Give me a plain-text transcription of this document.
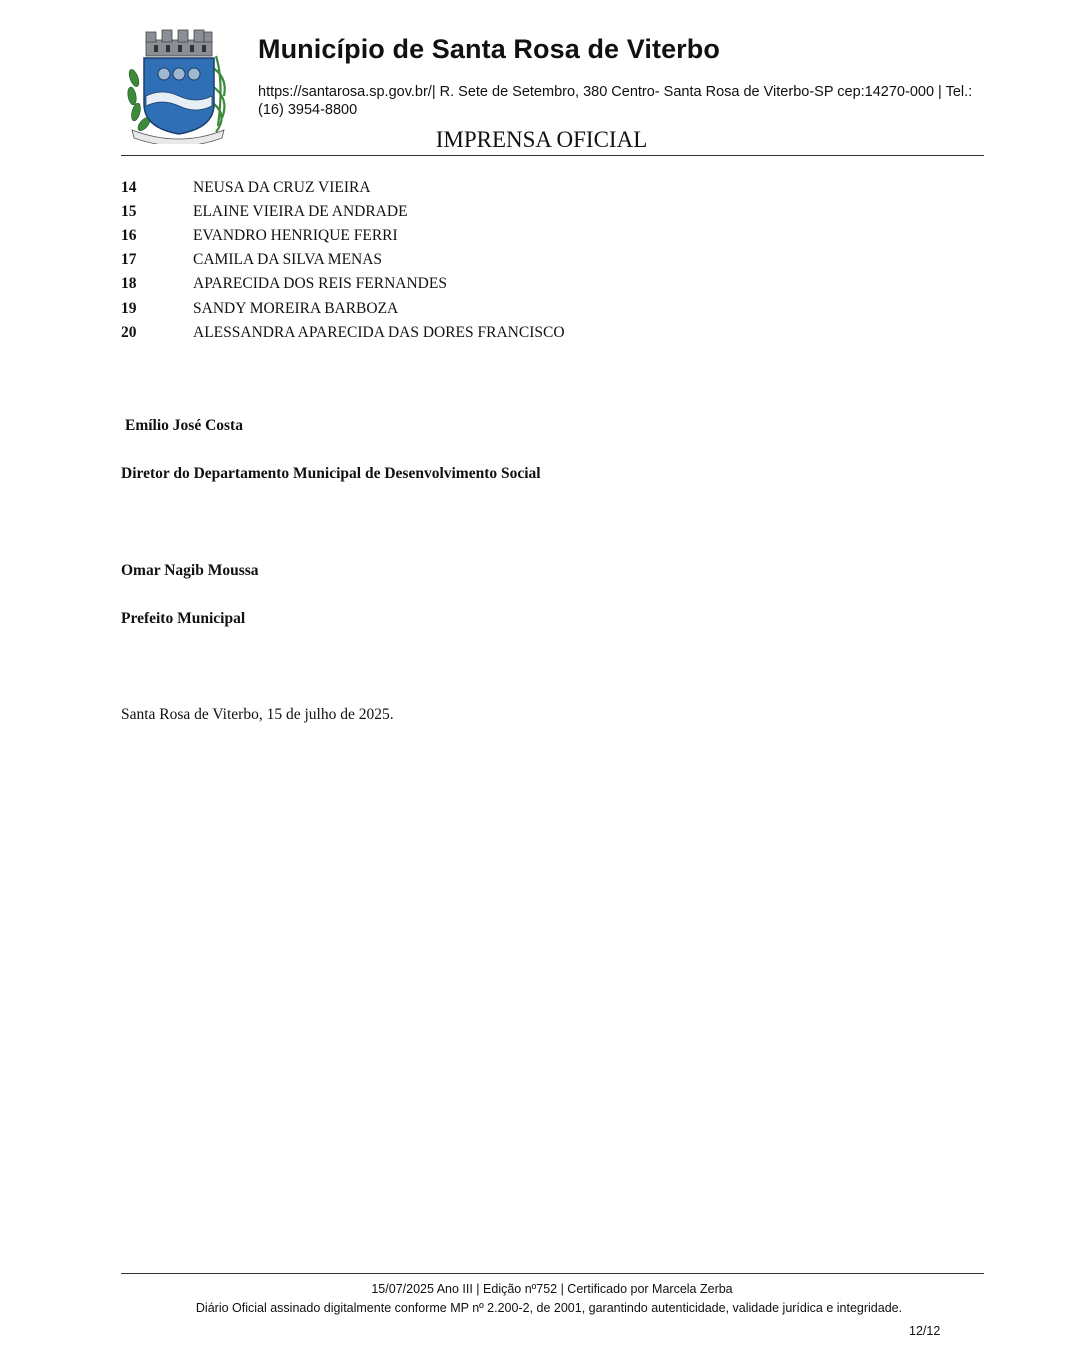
Município de Santa Rosa de Viterbo
https://santarosa.sp.gov.br/| R. Sete de Setembro, 380 Centro- Santa Rosa de Viterbo-SP cep:14270-000 | Tel.: (16) 3954-8800
IMPRENSA OFICIAL
14	NEUSA DA CRUZ VIEIRA
15	ELAINE VIEIRA DE ANDRADE
16	EVANDRO HENRIQUE FERRI
17	CAMILA DA SILVA MENAS
18	APARECIDA DOS REIS FERNANDES
19	SANDY MOREIRA BARBOZA
20	ALESSANDRA APARECIDA DAS DORES FRANCISCO
Emílio José Costa
Diretor do Departamento Municipal de Desenvolvimento Social
Omar Nagib Moussa
Prefeito Municipal
Santa Rosa de Viterbo, 15 de julho de 2025.
15/07/2025 Ano III | Edição nº752 | Certificado por Marcela Zerba
Diário Oficial assinado digitalmente conforme MP nº 2.200-2, de 2001, garantindo autenticidade, validade jurídica e integridade.
12/12
